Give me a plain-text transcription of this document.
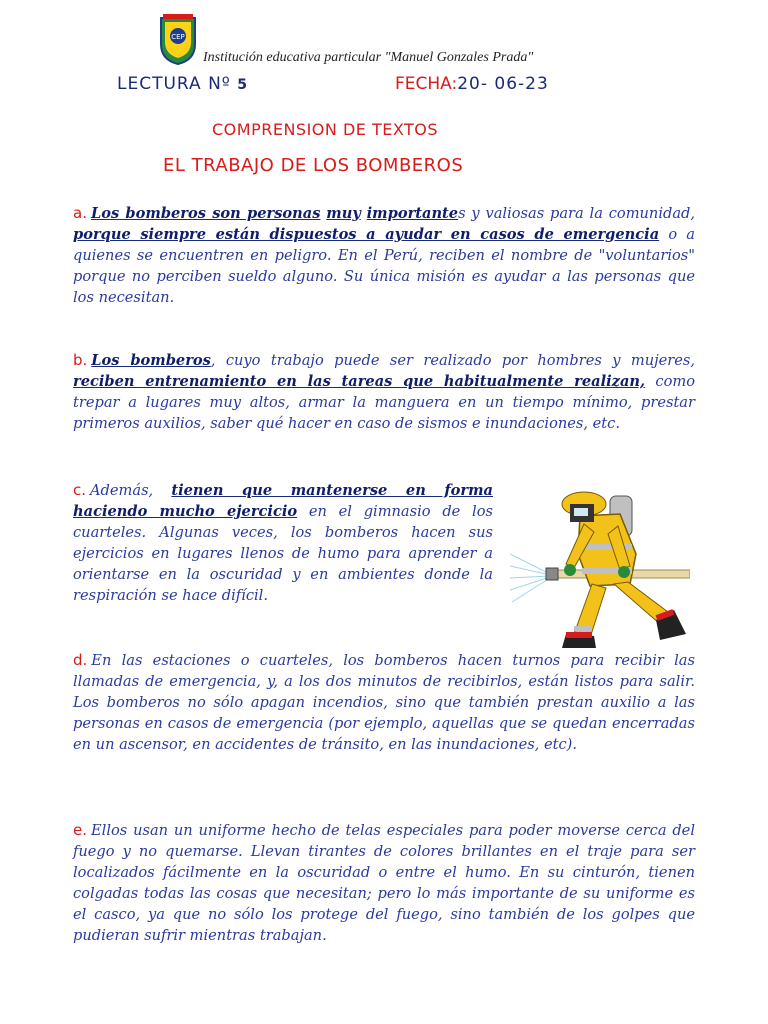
CEP
Institución educativa particular "Manuel Gonzales Prada"
LECTURA Nº 5	FECHA:20- 06-23
COMPRENSION DE TEXTOS
EL TRABAJO DE LOS BOMBEROS
a. Los bomberos son personas muy importantes y valiosas para la comunidad, porque siempre están dispuestos a ayudar en casos de emergencia o a quienes se encuentren en peligro. En el Perú, reciben el nombre de "voluntarios" porque no perciben sueldo alguno. Su única misión es ayudar a las personas que los necesitan.
b. Los bomberos, cuyo trabajo puede ser realizado por hombres y mujeres, reciben entrenamiento en las tareas que habitualmente realizan, como trepar a lugares muy altos, armar la manguera en un tiempo mínimo, prestar primeros auxilios, saber qué hacer en caso de sismos e inundaciones, etc.
c. Además, tienen que mantenerse en forma haciendo mucho ejercicio en el gimnasio de los cuarteles. Algunas veces, los bomberos hacen sus ejercicios en lugares llenos de humo para aprender a orientarse en la oscuridad y en ambientes donde la respiración se hace difícil.
d. En las estaciones o cuarteles, los bomberos hacen turnos para recibir las llamadas de emergencia, y, a los dos minutos de recibirlos, están listos para salir. Los bomberos no sólo apagan incendios, sino que también prestan auxilio a las personas en casos de emergencia (por ejemplo, aquellas que se quedan encerradas en un ascensor, en accidentes de tránsito, en las inundaciones, etc).
e. Ellos usan un uniforme hecho de telas especiales para poder moverse cerca del fuego y no quemarse. Llevan tirantes de colores brillantes en el traje para ser localizados fácilmente en la oscuridad o entre el humo. En su cinturón, tienen colgadas todas las cosas que necesitan; pero lo más importante de su uniforme es el casco, ya que no sólo los protege del fuego, sino también de los golpes que pudieran sufrir mientras trabajan.
